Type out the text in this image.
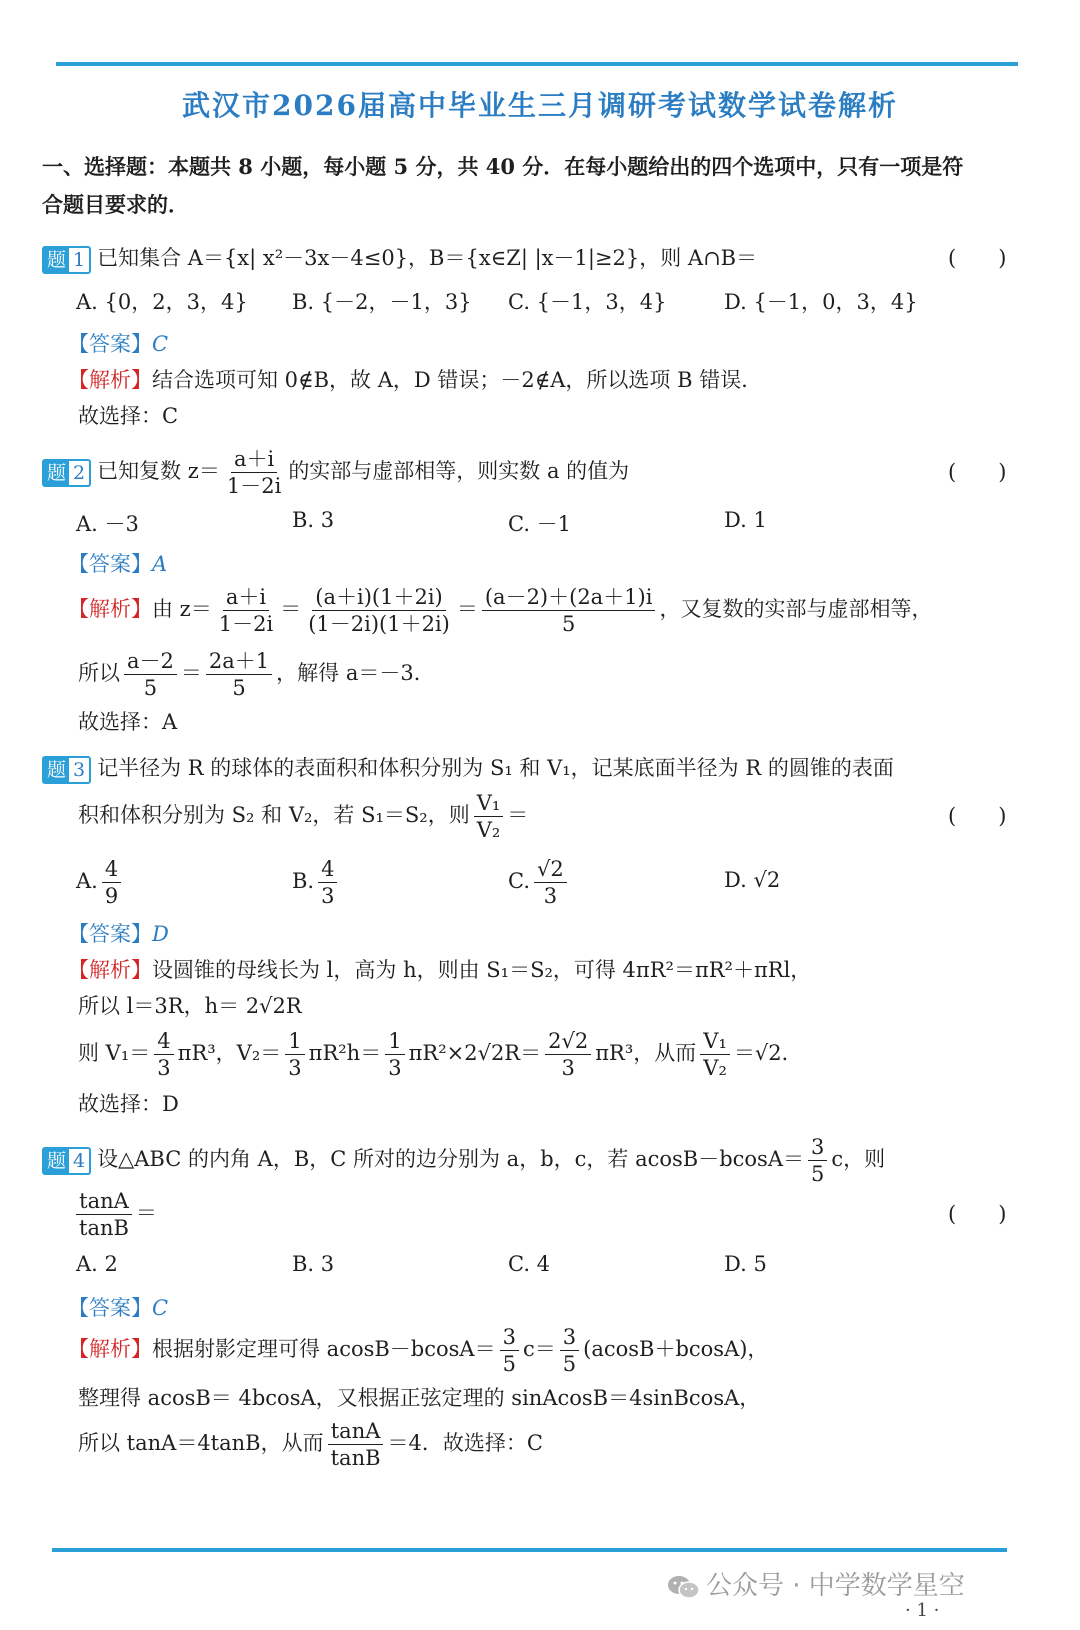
武汉市2026届高中毕业生三月调研考试数学试卷解析
一、选择题：本题共 8 小题，每小题 5 分，共 40 分．在每小题给出的四个选项中，只有一项是符
合题目要求的．
题 1 已知集合 A＝{x| x²－3x－4≤0}，B＝{x∈Z| |x－1|≥2}，则 A∩B＝	(　　)
A. {0，2，3，4} B. {－2，－1，3} C. {－1，3，4}	D. {－1，0，3，4}
【答案】C
【解析】结合选项可知 0∉B，故 A，D 错误；－2∉A，所以选项 B 错误．
故选择：C
题 2 已知复数 $z= \frac{a+i}{1-2i}$ 的实部与虚部相等，则实数 a 的值为	(　　)
A. －3	B. 3	C. －1	D. 1
【答案】A
【解析】由 $z= \frac{a+i}{1-2i} = \frac{(a+i)(1+2i)}{(1-2i)(1+2i)} = \frac{(a-2)+(2a+1)i}{5}$ ，又复数的实部与虚部相等，
所以 $\frac{a-2}{5} = \frac{2a+1}{5}$ ，解得 a＝－3．
故选择：A
题 3 记半径为 R 的球体的表面积和体积分别为 S₁ 和 V₁，记某底面半径为 R 的圆锥的表面
积和体积分别为 S₂ 和 V₂，若 S₁＝S₂，则 $\frac{\text{V₁}}{\text{V₂}}$ ＝	(　　)
A. $\frac{4}{9}$	B. $\frac{4}{3}$	C. $\frac{√2}{3}$	D. √2
【答案】D
【解析】设圆锥的母线长为 l，高为 h，则由 S₁＝S₂，可得 4πR²＝πR²＋πRl，
所以 l＝3R，h＝ 2√2R
则 $V_1= \frac{4}{3} \pi R^3$，$V_2= \frac{1}{3} \pi R^2h= \frac{1}{3} \pi R^2\times 2√2R= \frac{2√2}{3} \pi R^3$，从而 $\frac{\text{V₁}}{\text{V₂}} =√2$．
故选择：D
题 4 设△ABC 的内角 A，B，C 所对的边分别为 a，b，c，若 $acosB-bcosA= \frac{3}{5}$ c，则
$\frac{\tan A}{\tan B}$ ＝	(　　)
A. 2	B. 3	C. 4	D. 5
【答案】C
【解析】根据射影定理可得 $acosB-bcosA= \frac{3}{5} c= \frac{3}{5} (acosB+bcosA)$，
整理得 acosB＝ 4bcosA，又根据正弦定理的 sinAcosB＝4sinBcosA，
所以 tanA＝4tanB，从而 $\frac{\tan A}{\tan B} =4$．故选择：C
公众号 · 中学数学星空
· 1 ·
